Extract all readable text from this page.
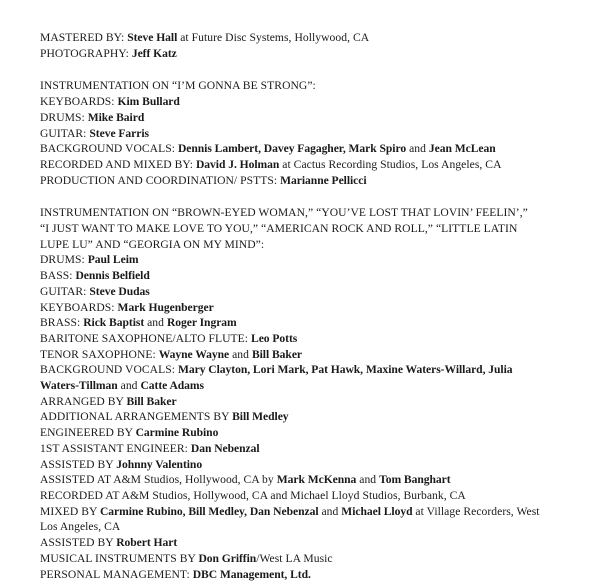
MASTERED BY: Steve Hall at Future Disc Systems, Hollywood, CA
PHOTOGRAPHY: Jeff Katz
INSTRUMENTATION ON “I’M GONNA BE STRONG”:
KEYBOARDS: Kim Bullard
DRUMS: Mike Baird
GUITAR: Steve Farris
BACKGROUND VOCALS: Dennis Lambert, Davey Fagagher, Mark Spiro and Jean McLean
RECORDED AND MIXED BY: David J. Holman at Cactus Recording Studios, Los Angeles, CA
PRODUCTION AND COORDINATION/ PSTTS: Marianne Pellicci
INSTRUMENTATION ON “BROWN-EYED WOMAN,” “YOU’VE LOST THAT LOVIN’ FEELIN’,”
“I JUST WANT TO MAKE LOVE TO YOU,” “AMERICAN ROCK AND ROLL,” “LITTLE LATIN
LUPE LU” AND “GEORGIA ON MY MIND”:
DRUMS: Paul Leim
BASS: Dennis Belfield
GUITAR: Steve Dudas
KEYBOARDS: Mark Hugenberger
BRASS: Rick Baptist and Roger Ingram
BARITONE SAXOPHONE/ALTO FLUTE: Leo Potts
TENOR SAXOPHONE: Wayne Wayne and Bill Baker
BACKGROUND VOCALS: Mary Clayton, Lori Mark, Pat Hawk, Maxine Waters-Willard, Julia
Waters-Tillman and Catte Adams
ARRANGED BY Bill Baker
ADDITIONAL ARRANGEMENTS BY Bill Medley
ENGINEERED BY Carmine Rubino
1ST ASSISTANT ENGINEER: Dan Nebenzal
ASSISTED BY Johnny Valentino
ASSISTED AT A&M Studios, Hollywood, CA by Mark McKenna and Tom Banghart
RECORDED AT A&M Studios, Hollywood, CA and Michael Lloyd Studios, Burbank, CA
MIXED BY Carmine Rubino, Bill Medley, Dan Nebenzal and Michael Lloyd at Village Recorders, West
Los Angeles, CA
ASSISTED BY Robert Hart
MUSICAL INSTRUMENTS BY Don Griffin/West LA Music
PERSONAL MANAGEMENT: DBC Management, Ltd.
